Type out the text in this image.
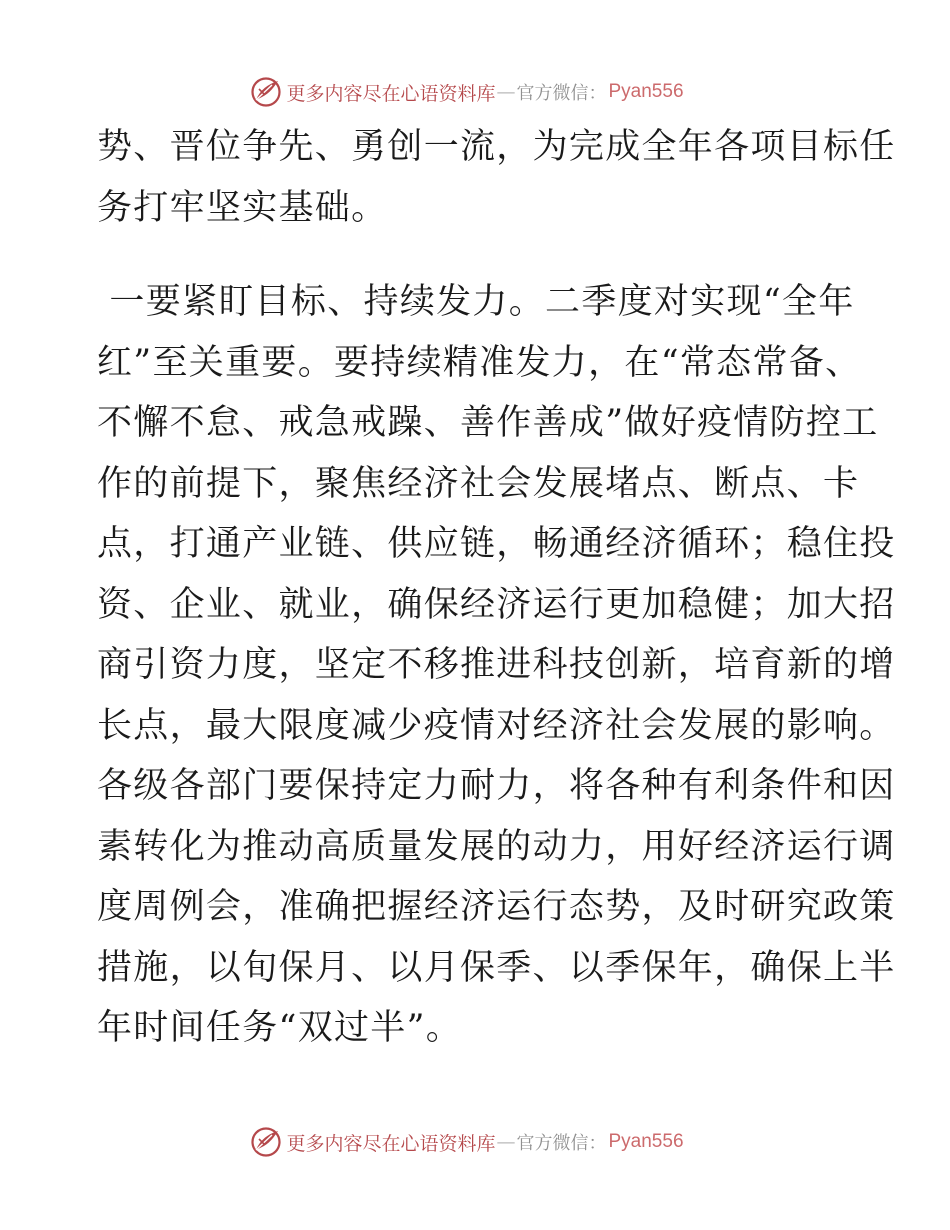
更多内容尽在心语资料库 — 官方微信： Pyan556
势、晋位争先、勇创一流，为完成全年各项目标任
务打牢坚实基础。
一要紧盯目标、持续发力。二季度对实现“全年
红”至关重要。要持续精准发力，在“常态常备、
不懈不怠、戒急戒躁、善作善成”做好疫情防控工
作的前提下，聚焦经济社会发展堵点、断点、卡
点，打通产业链、供应链，畅通经济循环；稳住投
资、企业、就业，确保经济运行更加稳健；加大招
商引资力度，坚定不移推进科技创新，培育新的增
长点，最大限度减少疫情对经济社会发展的影响。
各级各部门要保持定力耐力，将各种有利条件和因
素转化为推动高质量发展的动力，用好经济运行调
度周例会，准确把握经济运行态势，及时研究政策
措施，以旬保月、以月保季、以季保年，确保上半
年时间任务“双过半”。
更多内容尽在心语资料库 — 官方微信： Pyan556
